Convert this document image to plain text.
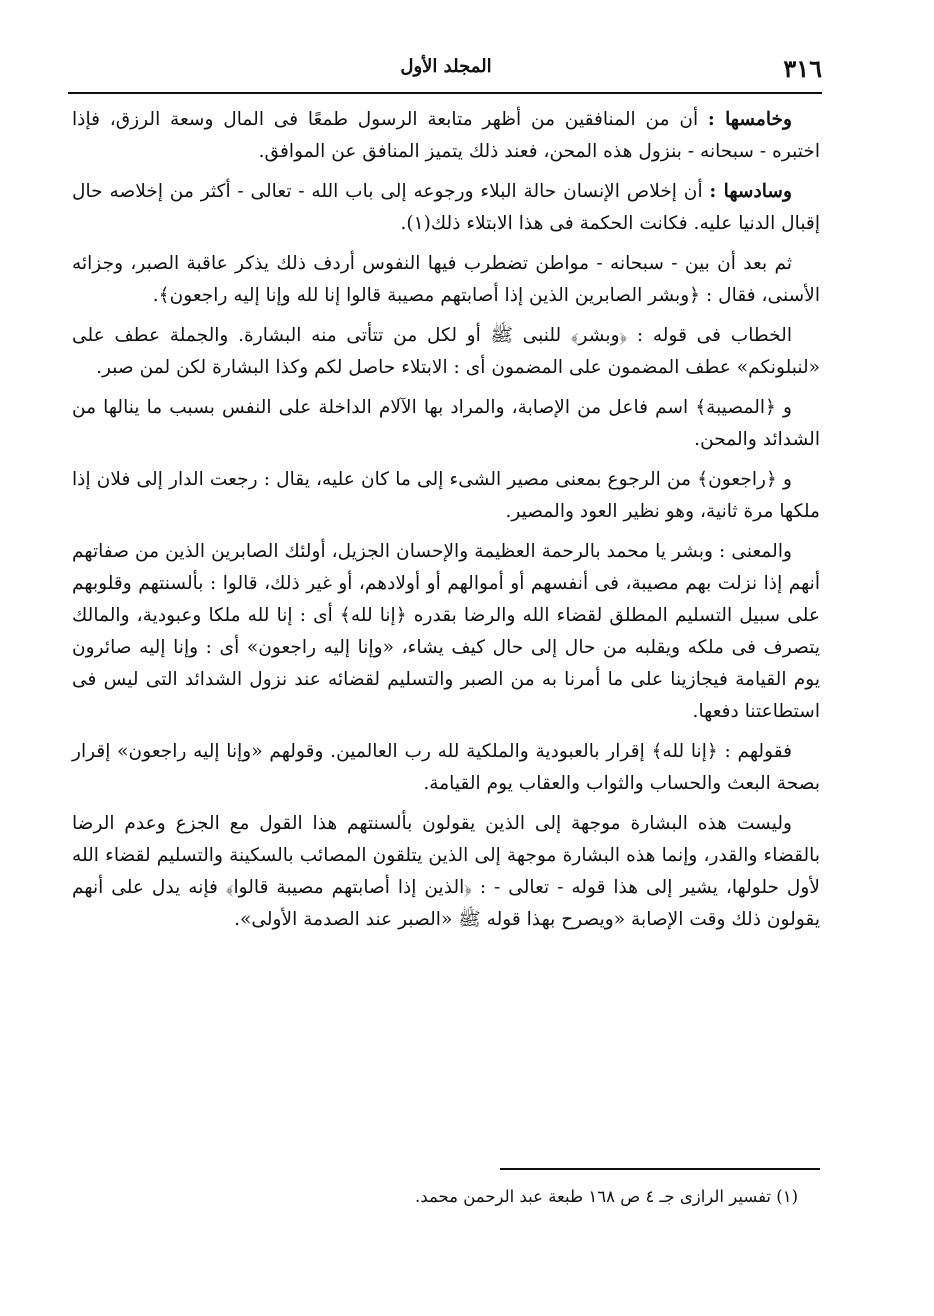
٣١٦
المجلد الأول

وخامسها : أن من المنافقين من أظهر متابعة الرسول طمعًا فى المال وسعة الرزق، فإذا اختبره - سبحانه - بنزول هذه المحن، فعند ذلك يتميز المنافق عن الموافق.

وسادسها : أن إخلاص الإنسان حالة البلاء ورجوعه إلى باب الله - تعالى - أكثر من إخلاصه حال إقبال الدنيا عليه. فكانت الحكمة فى هذا الابتلاء ذلك(١).

ثم بعد أن بين - سبحانه - مواطن تضطرب فيها النفوس أردف ذلك يذكر عاقبة الصبر، وجزائه الأسنى، فقال : ﴿وبشر الصابرين الذين إذا أصابتهم مصيبة قالوا إنا لله وإنا إليه راجعون﴾.

الخطاب فى قوله : ﴿وبشر﴾ للنبى ﷺ أو لكل من تتأتى منه البشارة. والجملة عطف على «لنبلونكم» عطف المضمون على المضمون أى : الابتلاء حاصل لكم وكذا البشارة لكن لمن صبر.

و ﴿المصيبة﴾ اسم فاعل من الإصابة، والمراد بها الآلام الداخلة على النفس بسبب ما ينالها من الشدائد والمحن.

و ﴿راجعون﴾ من الرجوع بمعنى مصير الشىء إلى ما كان عليه، يقال : رجعت الدار إلى فلان إذا ملكها مرة ثانية، وهو نظير العود والمصير.

والمعنى : وبشر يا محمد بالرحمة العظيمة والإحسان الجزيل، أولئك الصابرين الذين من صفاتهم أنهم إذا نزلت بهم مصيبة، فى أنفسهم أو أموالهم أو أولادهم، أو غير ذلك، قالوا : بألسنتهم وقلوبهم على سبيل التسليم المطلق لقضاء الله والرضا بقدره ﴿إنا لله﴾ أى : إنا لله ملكا وعبودية، والمالك يتصرف فى ملكه ويقلبه من حال إلى حال كيف يشاء، «وإنا إليه راجعون» أى : وإنا إليه صائرون يوم القيامة فيجازينا على ما أمرنا به من الصبر والتسليم لقضائه عند نزول الشدائد التى ليس فى استطاعتنا دفعها.

فقولهم : ﴿إنا لله﴾ إقرار بالعبودية والملكية لله رب العالمين. وقولهم «وإنا إليه راجعون» إقرار بصحة البعث والحساب والثواب والعقاب يوم القيامة.

وليست هذه البشارة موجهة إلى الذين يقولون بألسنتهم هذا القول مع الجزع وعدم الرضا بالقضاء والقدر، وإنما هذه البشارة موجهة إلى الذين يتلقون المصائب بالسكينة والتسليم لقضاء الله لأول حلولها، يشير إلى هذا قوله - تعالى - : ﴿الذين إذا أصابتهم مصيبة قالوا﴾ فإنه يدل على أنهم يقولون ذلك وقت الإصابة «ويصرح بهذا قوله ﷺ «الصبر عند الصدمة الأولى».

(١) تفسير الرازى جـ ٤ ص ١٦٨ طبعة عبد الرحمن محمد.
